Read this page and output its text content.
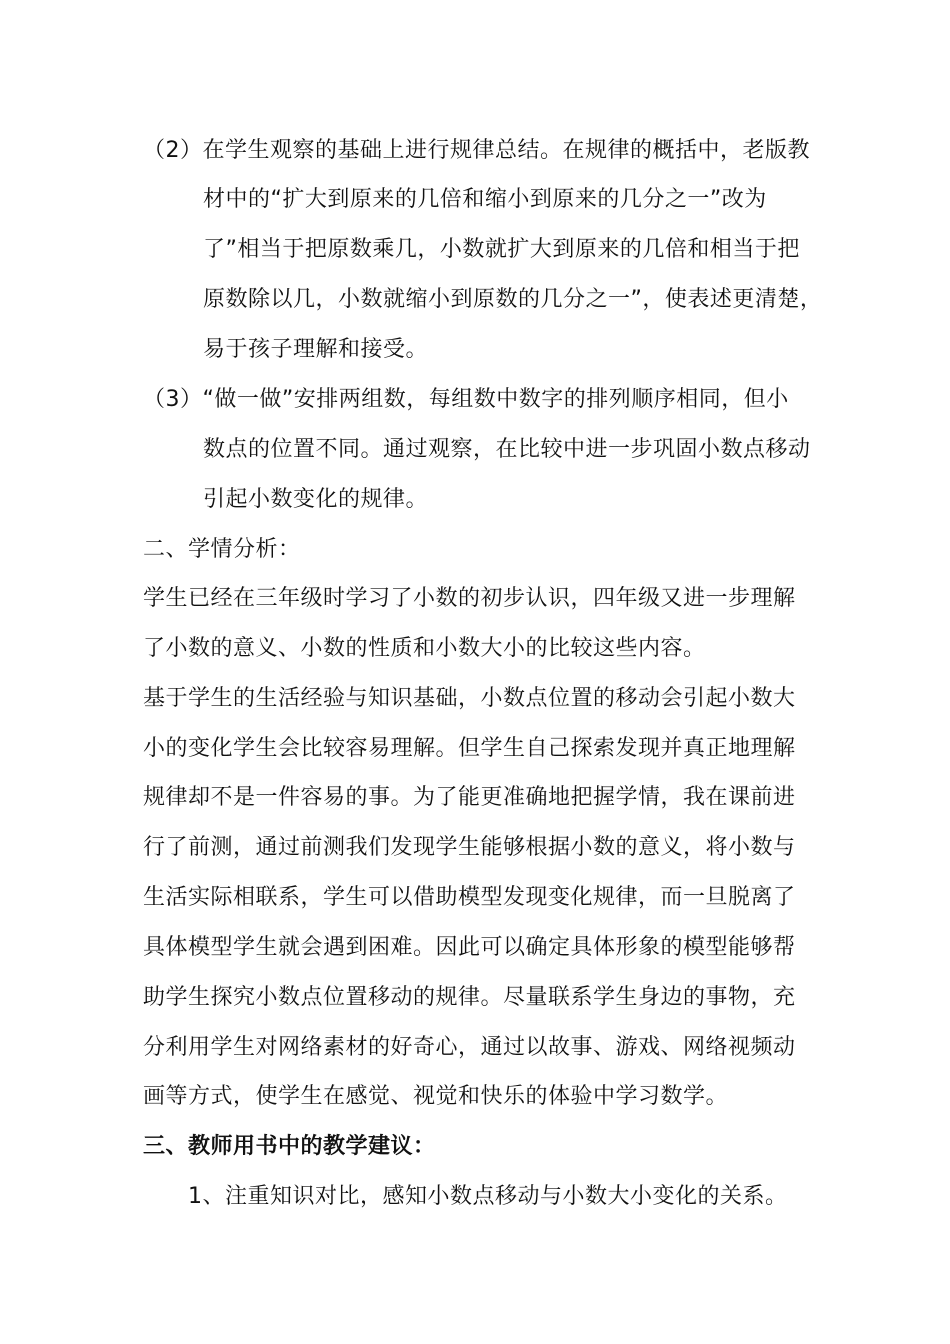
（2）在学生观察的基础上进行规律总结。在规律的概括中，老版教
材中的“扩大到原来的几倍和缩小到原来的几分之一”改为
了”相当于把原数乘几，小数就扩大到原来的几倍和相当于把
原数除以几，小数就缩小到原数的几分之一”，使表述更清楚，
易于孩子理解和接受。
（3）“做一做”安排两组数，每组数中数字的排列顺序相同，但小
数点的位置不同。通过观察，在比较中进一步巩固小数点移动
引起小数变化的规律。
二、学情分析：
学生已经在三年级时学习了小数的初步认识，四年级又进一步理解
了小数的意义、小数的性质和小数大小的比较这些内容。
基于学生的生活经验与知识基础，小数点位置的移动会引起小数大
小的变化学生会比较容易理解。但学生自己探索发现并真正地理解
规律却不是一件容易的事。为了能更准确地把握学情，我在课前进
行了前测，通过前测我们发现学生能够根据小数的意义，将小数与
生活实际相联系，学生可以借助模型发现变化规律，而一旦脱离了
具体模型学生就会遇到困难。因此可以确定具体形象的模型能够帮
助学生探究小数点位置移动的规律。尽量联系学生身边的事物，充
分利用学生对网络素材的好奇心，通过以故事、游戏、网络视频动
画等方式，使学生在感觉、视觉和快乐的体验中学习数学。
三、教师用书中的教学建议：
1、注重知识对比，感知小数点移动与小数大小变化的关系。
